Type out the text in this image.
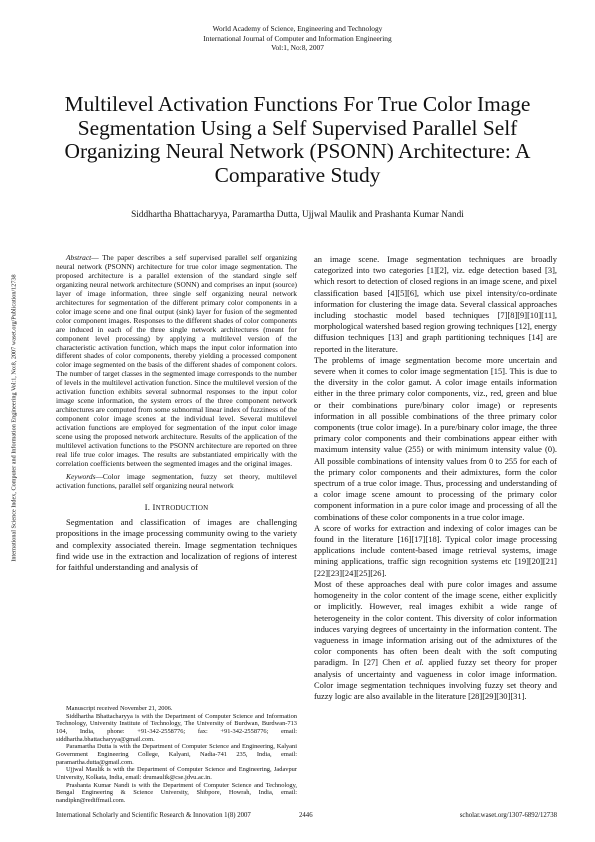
World Academy of Science, Engineering and Technology
International Journal of Computer and Information Engineering
Vol:1, No:8, 2007
Multilevel Activation Functions For True Color Image Segmentation Using a Self Supervised Parallel Self Organizing Neural Network (PSONN) Architecture: A Comparative Study
Siddhartha Bhattacharyya, Paramartha Dutta, Ujjwal Maulik and Prashanta Kumar Nandi
International Science Index, Computer and Information Engineering Vol:1, No:8, 2007 waset.org/Publication/12738

Abstract— The paper describes a self supervised parallel self organizing neural network (PSONN) architecture for true color image segmentation. The proposed architecture is a parallel extension of the standard single self organizing neural network architecture (SONN) and comprises an input (source) layer of image information, three single self organizing neural network architectures for segmentation of the different primary color components in a color image scene and one final output (sink) layer for fusion of the segmented color component images. Responses to the different shades of color components are induced in each of the three single network architectures (meant for component level processing) by applying a multilevel version of the characteristic activation function, which maps the input color information into different shades of color components, thereby yielding a processed component color image segmented on the basis of the different shades of component colors. The number of target classes in the segmented image corresponds to the number of levels in the multilevel activation function. Since the multilevel version of the activation function exhibits several subnormal responses to the input color image scene information, the system errors of the three component network architectures are computed from some subnormal linear index of fuzziness of the component color image scenes at the individual level. Several multilevel activation functions are employed for segmentation of the input color image scene using the proposed network architecture. Results of the application of the multilevel activation functions to the PSONN architecture are reported on three real life true color images. The results are substantiated empirically with the correlation coefficients between the segmented images and the original images.

Keywords—Color image segmentation, fuzzy set theory, multilevel activation functions, parallel self organizing neural network

I. INTRODUCTION

Segmentation and classification of images are challenging propositions in the image processing community owing to the variety and complexity associated therein. Image segmentation techniques find wide use in the extraction and localization of regions of interest for faithful understanding and analysis of

Manuscript received November 21, 2006.

Siddhartha Bhattacharyya is with the Department of Computer Science and Information Technology, University Institute of Technology, The University of Burdwan, Burdwan-713 104, India, phone: +91-342-2558776; fax: +91-342-2558776; email: siddhartha.bhattacharyya@gmail.com.

Paramartha Dutta is with the Department of Computer Science and Engineering, Kalyani Government Engineering College, Kalyani, Nadia-741 235, India, email: paramartha.dutta@gmail.com.

Ujjwal Maulik is with the Department of Computer Science and Engineering, Jadavpur University, Kolkata, India, email: drumaulik@cse.jdvu.ac.in.

Prashanta Kumar Nandi is with the Department of Computer Science and Technology, Bengal Engineering & Science University, Shibpore, Howrah, India, email: nandipkn@rediffmail.com.

an image scene. Image segmentation techniques are broadly categorized into two categories [1][2], viz. edge detection based [3], which resort to detection of closed regions in an image scene, and pixel classification based [4][5][6], which use pixel intensity/co-ordinate information for clustering the image data. Several classical approaches including stochastic model based techniques [7][8][9][10][11], morphological watershed based region growing techniques [12], energy diffusion techniques [13] and graph partitioning techniques [14] are reported in the literature.

The problems of image segmentation become more uncertain and severe when it comes to color image segmentation [15]. This is due to the diversity in the color gamut. A color image entails information either in the three primary color components, viz., red, green and blue or their combinations pure/binary color image) or represents information in all possible combinations of the three primary color components (true color image). In a pure/binary color image, the three primary color components and their combinations appear either with maximum intensity value (255) or with minimum intensity value (0). All possible combinations of intensity values from 0 to 255 for each of the primary color components and their admixtures, form the color spectrum of a true color image. Thus, processing and understanding of a color image scene amount to processing of the primary color component information in a pure color image and processing of all the combinations of these color components in a true color image.

A score of works for extraction and indexing of color images can be found in the literature [16][17][18]. Typical color image processing applications include content-based image retrieval systems, image mining applications, traffic sign recognition systems etc [19][20][21][22][23][24][25][26].

Most of these approaches deal with pure color images and assume homogeneity in the color content of the image scene, either explicitly or implicitly. However, real images exhibit a wide range of heterogeneity in the color content. This diversity of color information induces varying degrees of uncertainty in the information content. The vagueness in image information arising out of the admixtures of the color components has often been dealt with the soft computing paradigm. In [27] Chen et al. applied fuzzy set theory for proper analysis of uncertainty and vagueness in color image information. Color image segmentation techniques involving fuzzy set theory and fuzzy logic are also available in the literature [28][29][30][31].

International Scholarly and Scientific Research & Innovation 1(8) 2007	2446	scholar.waset.org/1307-6892/12738
